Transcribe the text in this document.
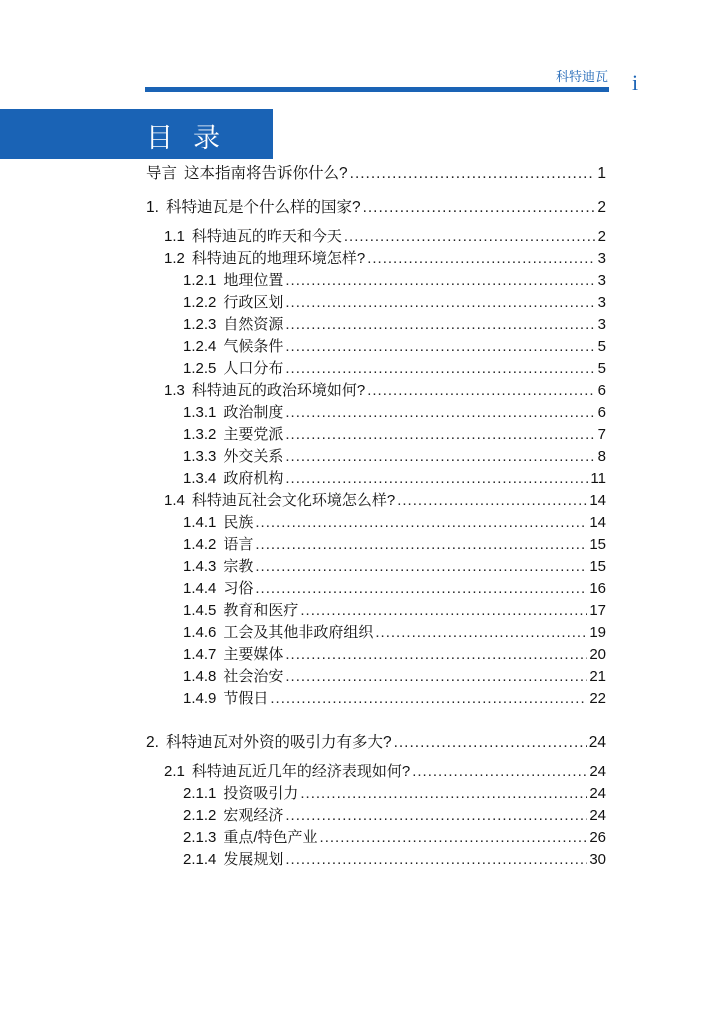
科特迪瓦 i
目录
导言 这本指南将告诉你什么? .....	1
1. 科特迪瓦是个什么样的国家? .....	2
1.1 科特迪瓦的昨天和今天 .....	2
1.2 科特迪瓦的地理环境怎样? .....	3
1.2.1 地理位置 .....	3
1.2.2 行政区划 .....	3
1.2.3 自然资源 .....	3
1.2.4 气候条件 .....	5
1.2.5 人口分布 .....	5
1.3 科特迪瓦的政治环境如何? .....	6
1.3.1 政治制度 .....	6
1.3.2 主要党派 .....	7
1.3.3 外交关系 .....	8
1.3.4 政府机构 .....	11
1.4 科特迪瓦社会文化环境怎么样? .....	14
1.4.1 民族 .....	14
1.4.2 语言 .....	15
1.4.3 宗教 .....	15
1.4.4 习俗 .....	16
1.4.5 教育和医疗 .....	17
1.4.6 工会及其他非政府组织 .....	19
1.4.7 主要媒体 .....	20
1.4.8 社会治安 .....	21
1.4.9 节假日 .....	22
2. 科特迪瓦对外资的吸引力有多大? .....	24
2.1 科特迪瓦近几年的经济表现如何? .....	24
2.1.1 投资吸引力 .....	24
2.1.2 宏观经济 .....	24
2.1.3 重点/特色产业 .....	26
2.1.4 发展规划 .....	30
